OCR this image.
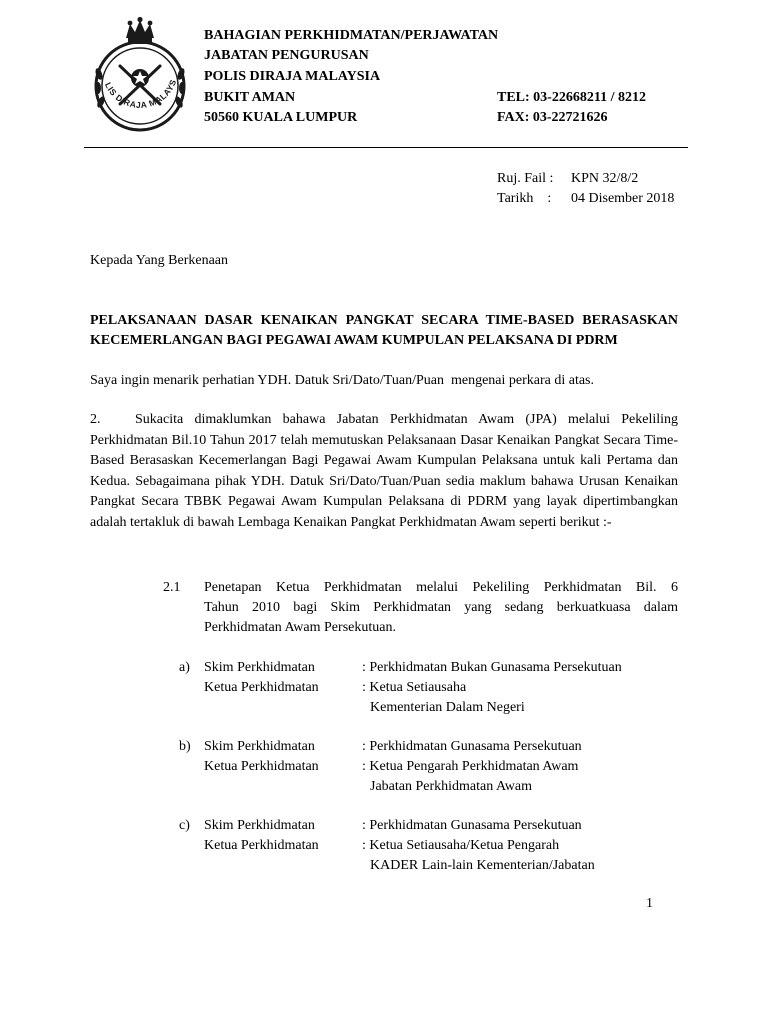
LIS DIRAJA MALAYS
BAHAGIAN PERKHIDMATAN/PERJAWATAN
JABATAN PENGURUSAN
POLIS DIRAJA MALAYSIA
BUKIT AMAN
50560 KUALA LUMPUR
TEL: 03-22668211 / 8212
FAX: 03-22721626
Ruj. Fail : KPN 32/8/2
Tarikh    : 04 Disember 2018
Kepada Yang Berkenaan
PELAKSANAAN DASAR KENAIKAN PANGKAT SECARA TIME-BASED BERASASKAN
KECEMERLANGAN BAGI PEGAWAI AWAM KUMPULAN PELAKSANA DI PDRM
Saya ingin menarik perhatian YDH. Datuk Sri/Dato/Tuan/Puan  mengenai perkara di atas.
2. Sukacita dimaklumkan bahawa Jabatan Perkhidmatan Awam (JPA) melalui Pekeliling Perkhidmatan Bil.10 Tahun 2017 telah memutuskan Pelaksanaan Dasar Kenaikan Pangkat Secara Time-Based Berasaskan Kecemerlangan Bagi Pegawai Awam Kumpulan Pelaksana untuk kali Pertama dan Kedua. Sebagaimana pihak YDH. Datuk Sri/Dato/Tuan/Puan sedia maklum bahawa Urusan Kenaikan Pangkat Secara TBBK Pegawai Awam Kumpulan Pelaksana di PDRM yang layak dipertimbangkan adalah tertakluk di bawah Lembaga Kenaikan Pangkat Perkhidmatan Awam seperti berikut :-
2.1 Penetapan Ketua Perkhidmatan melalui Pekeliling Perkhidmatan Bil. 6
Tahun 2010 bagi Skim Perkhidmatan yang sedang berkuatkuasa dalam
Perkhidmatan Awam Persekutuan.
a) Skim Perkhidmatan	: Perkhidmatan Bukan Gunasama Persekutuan
Ketua Perkhidmatan	: Ketua Setiausaha
Kementerian Dalam Negeri
b) Skim Perkhidmatan	: Perkhidmatan Gunasama Persekutuan
Ketua Perkhidmatan	: Ketua Pengarah Perkhidmatan Awam
Jabatan Perkhidmatan Awam
c) Skim Perkhidmatan	: Perkhidmatan Gunasama Persekutuan
Ketua Perkhidmatan	: Ketua Setiausaha/Ketua Pengarah
KADER Lain-lain Kementerian/Jabatan
1
